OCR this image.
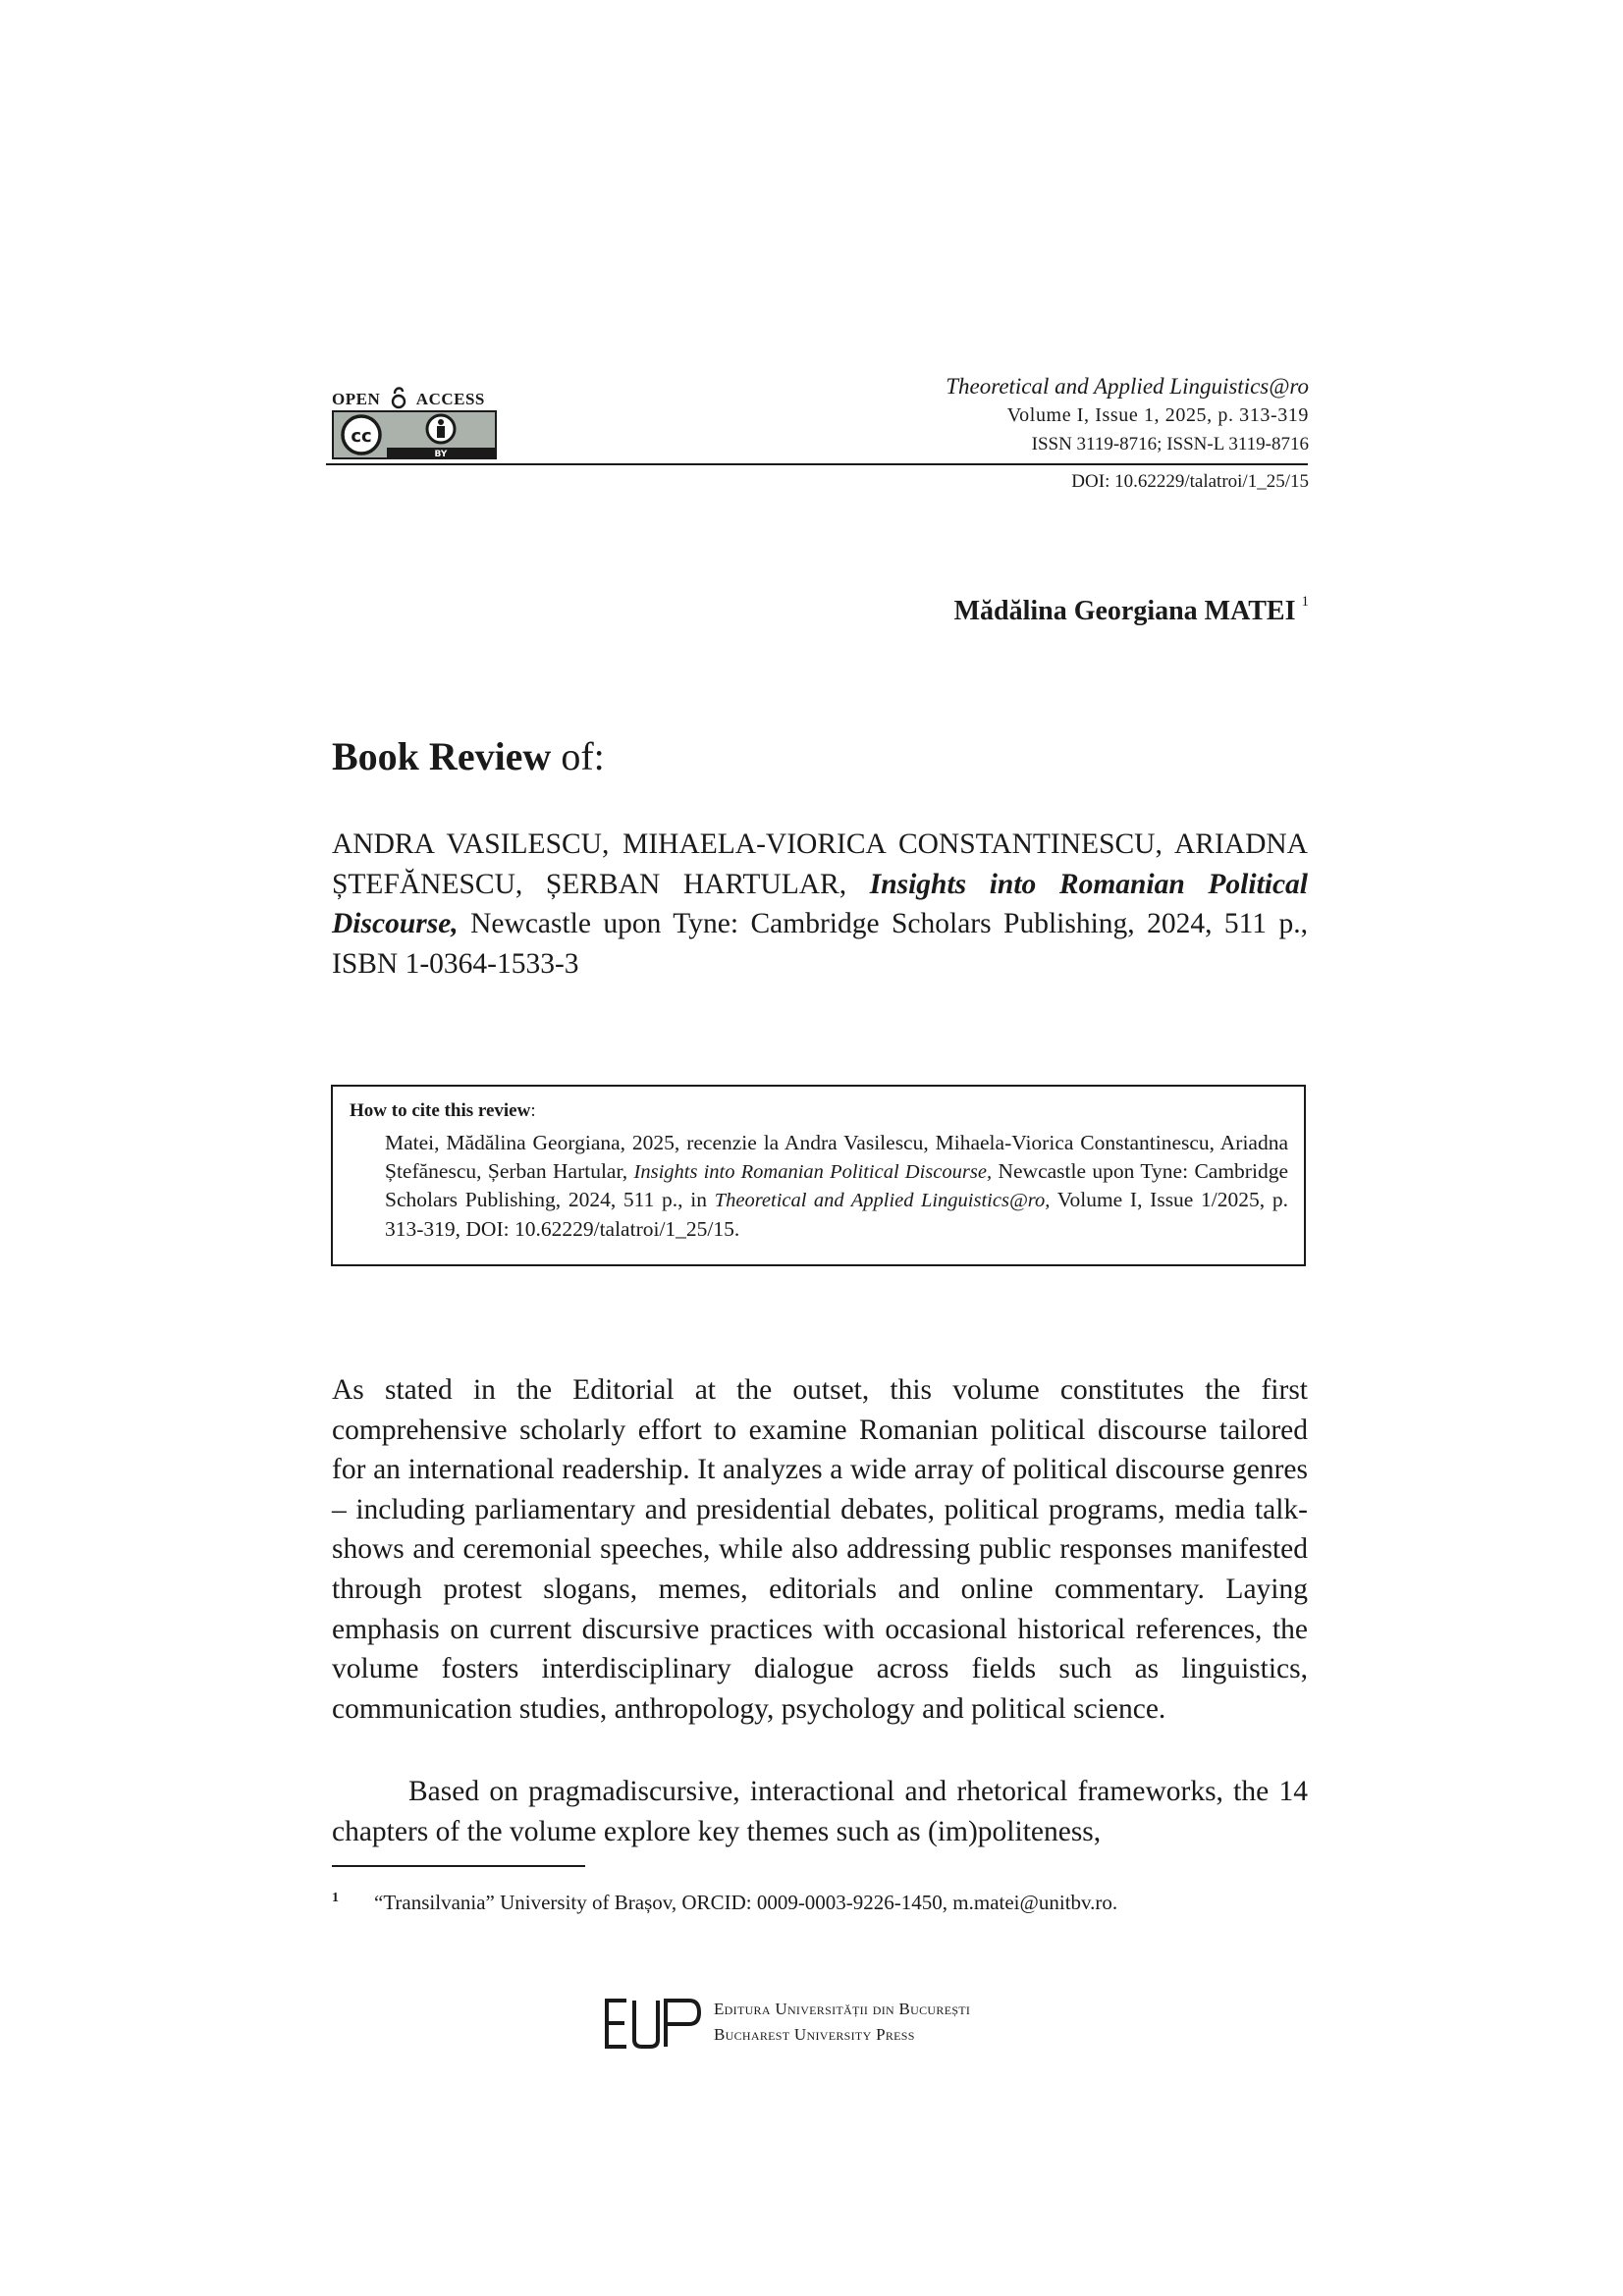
OPEN ACCESS
cc
BY
Theoretical and Applied Linguistics@ro
Volume I, Issue 1, 2025, p. 313-319
ISSN 3119-8716; ISSN-L 3119-8716
DOI: 10.62229/talatroi/1_25/15
Mădălina Georgiana MATEI $^1$
Book Review of:
ANDRA VASILESCU, MIHAELA-VIORICA CONSTANTINESCU, ARIADNA ȘTEFĂNESCU, ȘERBAN HARTULAR, Insights into Romanian Political Discourse, Newcastle upon Tyne: Cambridge Scholars Publishing, 2024, 511 p., ISBN 1-0364-1533-3
How to cite this review:
Matei, Mădălina Georgiana, 2025, recenzie la Andra Vasilescu, Mihaela-Viorica Constantinescu, Ariadna Ștefănescu, Șerban Hartular, Insights into Romanian Political Discourse, Newcastle upon Tyne: Cambridge Scholars Publishing, 2024, 511 p., in Theoretical and Applied Linguistics@ro, Volume I, Issue 1/2025, p. 313-319, DOI: 10.62229/talatroi/1_25/15.
As stated in the Editorial at the outset, this volume constitutes the first comprehensive scholarly effort to examine Romanian political discourse tailored for an international readership. It analyzes a wide array of political discourse genres – including parliamentary and presidential debates, political programs, media talk-shows and ceremonial speeches, while also addressing public responses manifested through protest slogans, memes, editorials and online commentary. Laying emphasis on current discursive practices with occasional historical references, the volume fosters interdisciplinary dialogue across fields such as linguistics, communication studies, anthropology, psychology and political science.
Based on pragmadiscursive, interactional and rhetorical frameworks, the 14 chapters of the volume explore key themes such as (im)politeness,
$^1$ “Transilvania” University of Brașov, ORCID: 0009-0003-9226-1450, m.matei@unitbv.ro.
Editura Universității din București
Bucharest University Press
